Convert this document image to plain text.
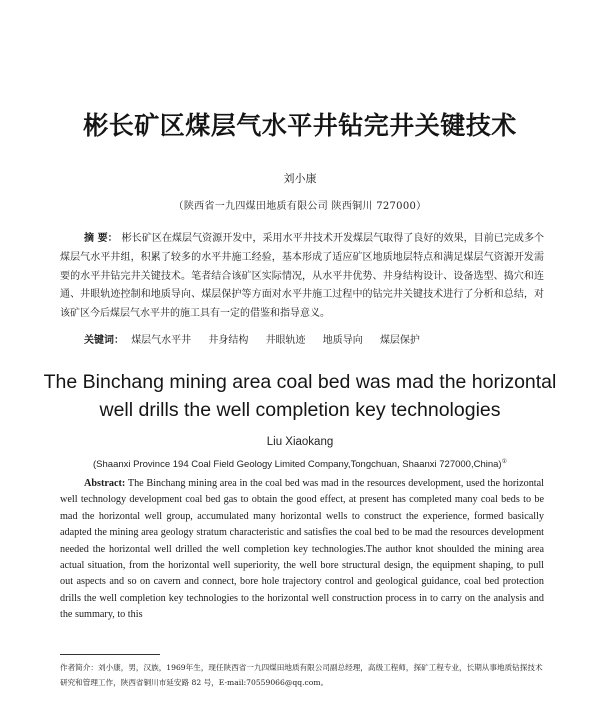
彬长矿区煤层气水平井钻完井关键技术
刘小康
（陕西省一九四煤田地质有限公司 陕西铜川 727000）
摘 要： 彬长矿区在煤层气资源开发中，采用水平井技术开发煤层气取得了良好的效果，目前已完成多个煤层气水平井组，积累了较多的水平井施工经验，基本形成了适应矿区地质地层特点和满足煤层气资源开发需要的水平井钻完井关键技术。笔者结合该矿区实际情况，从水平井优势、井身结构设计、设备选型、捣穴和连通、井眼轨迹控制和地质导向、煤层保护等方面对水平井施工过程中的钻完井关键技术进行了分析和总结，对该矿区今后煤层气水平井的施工具有一定的借鉴和指导意义。
关键词： 煤层气水平井 井身结构 井眼轨迹 地质导向 煤层保护
The Binchang mining area coal bed was mad the horizontal well drills the well completion key technologies
Liu Xiaokang
(Shaanxi Province 194 Coal Field Geology Limited Company,Tongchuan, Shaanxi 727000,China)①
Abstract: The Binchang mining area in the coal bed was mad in the resources development, used the horizontal well technology development coal bed gas to obtain the good effect, at present has completed many coal beds to be mad the horizontal well group, accumulated many horizontal wells to construct the experience, formed basically adapted the mining area geology stratum characteristic and satisfies the coal bed to be mad the resources development needed the horizontal well drilled the well completion key technologies.The author knot shoulded the mining area actual situation, from the horizontal well superiority, the well bore structural design, the equipment shaping, to pull out aspects and so on cavern and connect, bore hole trajectory control and geological guidance, coal bed protection drills the well completion key technologies to the horizontal well construction process in to carry on the analysis and the summary, to this
作者简介：刘小康，男，汉族，1969年生，现任陕西省一九四煤田地质有限公司副总经理，高级工程师，探矿工程专业，长期从事地质钻探技术研究和管理工作，陕西省铜川市延安路 82 号，E-mail:70559066@qq.com。
